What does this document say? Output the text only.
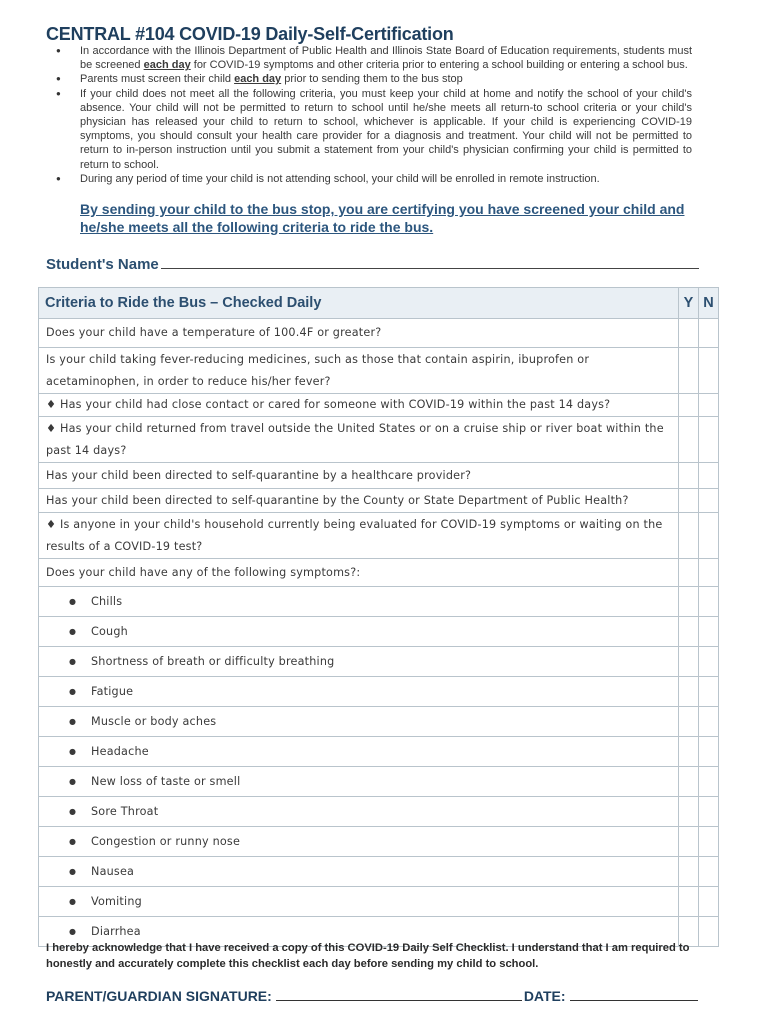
CENTRAL #104 COVID-19 Daily-Self-Certification
● In accordance with the Illinois Department of Public Health and Illinois State Board of Education requirements, students must be screened each day for COVID-19 symptoms and other criteria prior to entering a school building or entering a school bus.
● Parents must screen their child each day prior to sending them to the bus stop
● If your child does not meet all the following criteria, you must keep your child at home and notify the school of your child's absence. Your child will not be permitted to return to school until he/she meets all return-to school criteria or your child's physician has released your child to return to school, whichever is applicable. If your child is experiencing COVID-19 symptoms, you should consult your health care provider for a diagnosis and treatment. Your child will not be permitted to return to in-person instruction until you submit a statement from your child's physician confirming your child is permitted to return to school.
● During any period of time your child is not attending school, your child will be enrolled in remote instruction.
By sending your child to the bus stop, you are certifying you have screened your child and he/she meets all the following criteria to ride the bus.
Student's Name
Criteria to Ride the Bus – Checked Daily	Y	N
Does your child have a temperature of 100.4F or greater?		
Is your child taking fever-reducing medicines, such as those that contain aspirin, ibuprofen or acetaminophen, in order to reduce his/her fever?		
♦ Has your child had close contact or cared for someone with COVID-19 within the past 14 days?		
♦ Has your child returned from travel outside the United States or on a cruise ship or river boat within the past 14 days?		
Has your child been directed to self-quarantine by a healthcare provider?		
Has your child been directed to self-quarantine by the County or State Department of Public Health?		
♦ Is anyone in your child's household currently being evaluated for COVID-19 symptoms or waiting on the results of a COVID-19 test?		
Does your child have any of the following symptoms?:		
● Chills		
● Cough		
● Shortness of breath or difficulty breathing		
● Fatigue		
● Muscle or body aches		
● Headache		
● New loss of taste or smell		
● Sore Throat		
● Congestion or runny nose		
● Nausea		
● Vomiting		
● Diarrhea		
I hereby acknowledge that I have received a copy of this COVID-19 Daily Self Checklist. I understand that I am required to honestly and accurately complete this checklist each day before sending my child to school.
PARENT/GUARDIAN SIGNATURE:	DATE:
